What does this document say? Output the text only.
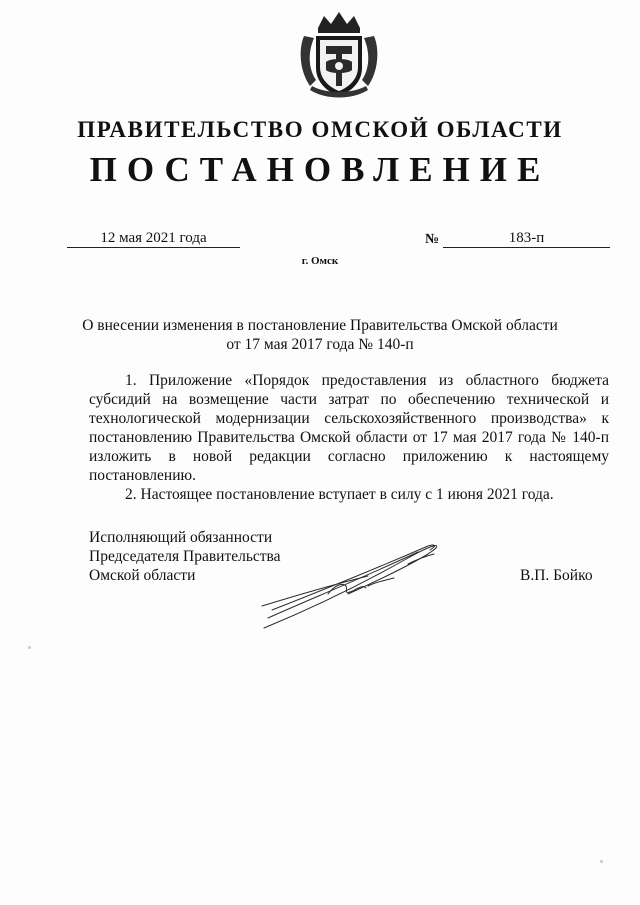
ПРАВИТЕЛЬСТВО ОМСКОЙ ОБЛАСТИ
ПОСТАНОВЛЕНИЕ
12 мая 2021 года	№	183-п
г. Омск
О внесении изменения в постановление Правительства Омской области
от 17 мая 2017 года № 140-п

1. Приложение «Порядок предоставления из областного бюджета субсидий на возмещение части затрат по обеспечению технической и технологической модернизации сельскохозяйственного производства» к постановлению Правительства Омской области от 17 мая 2017 года № 140-п изложить в новой редакции согласно приложению к настоящему постановлению.

2. Настоящее постановление вступает в силу с 1 июня 2021 года.

Исполняющий обязанности
Председателя Правительства
Омской области	В.П. Бойко
